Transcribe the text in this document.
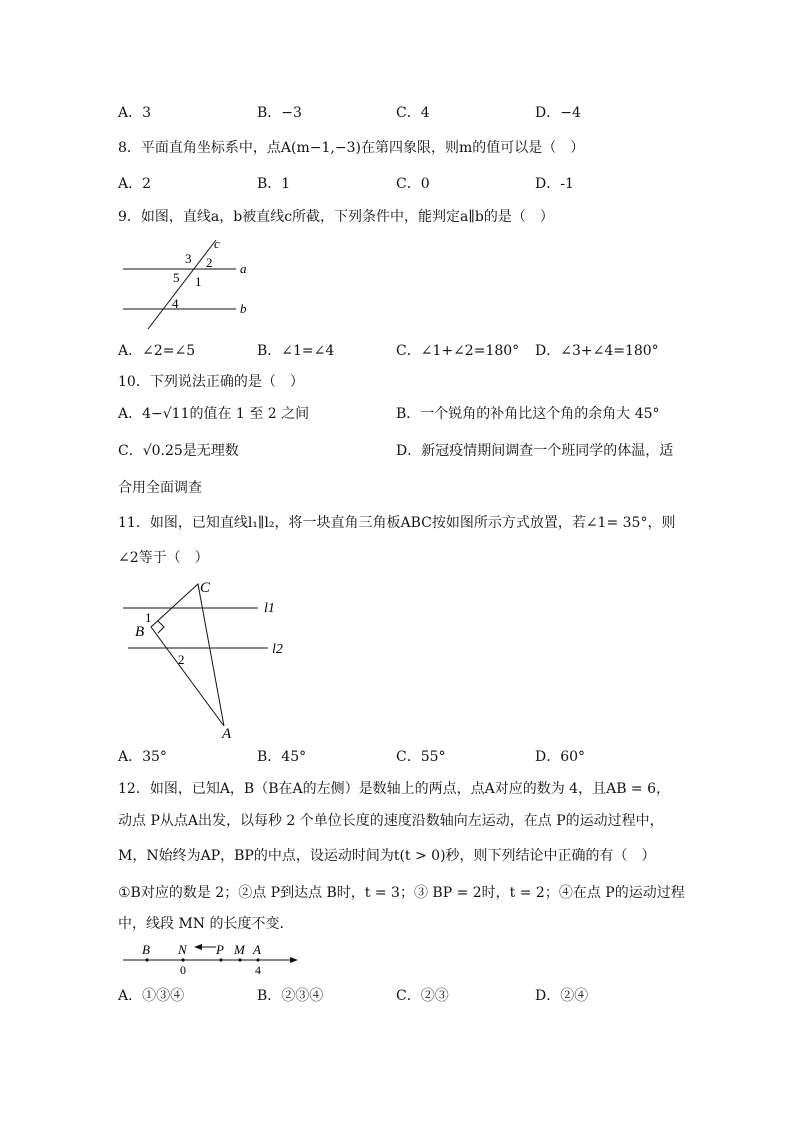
A．3	B．−3	C．4	D．−4
8．平面直角坐标系中，点A(m−1,−3)在第四象限，则m的值可以是（　）
A．2	B．1	C．0	D．-1
9．如图，直线a，b被直线c所截，下列条件中，能判定a∥b的是（　）
c
3 2
5 1
a
4	b
A．∠2=∠5	B．∠1=∠4	C．∠1+∠2=180° D．∠3+∠4=180°
10．下列说法正确的是（　）
A．4−√11的值在 1 至 2 之间	B．一个锐角的补角比这个角的余角大 45°
C．√0.25是无理数	D．新冠疫情期间调查一个班同学的体温，适
合用全面调查
11．如图，已知直线l₁∥l₂，将一块直角三角板ABC按如图所示方式放置，若∠1= 35°，则
∠2等于（　）
C
l1
1
B
l2
2
A
A．35°	B．45°	C．55°	D．60°
12．如图，已知A，B（B在A的左侧）是数轴上的两点，点A对应的数为 4，且AB = 6，
动点 P从点A出发，以每秒 2 个单位长度的速度沿数轴向左运动，在点 P的运动过程中，
M，N始终为AP，BP的中点，设运动时间为t(t > 0)秒，则下列结论中正确的有（　）
①B对应的数是 2；②点 P到达点 B时，t = 3；③ BP = 2时，t = 2；④在点 P的运动过程
中，线段 MN 的长度不变．
B N P M A
0	4
A．①③④	B．②③④	C．②③	D．②④
